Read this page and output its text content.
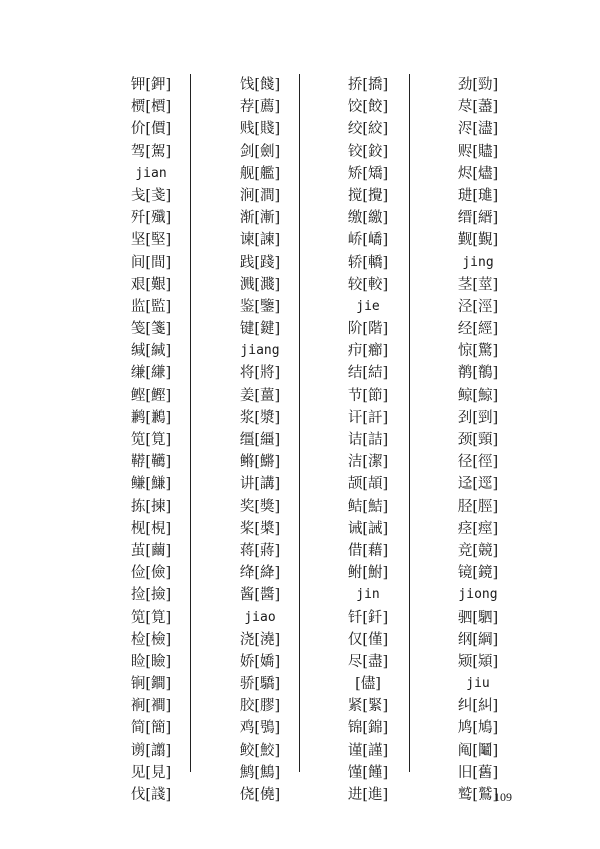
钾[鉀]
槚[檟]
价[價]
驾[駕]
jian
戋[戔]
歼[殲]
坚[堅]
间[間]
艰[艱]
监[監]
笺[箋]
缄[緘]
缣[縑]
鲣[鰹]
鹣[鶼]
笕[筧]
鞯[韉]
鳒[鰜]
拣[揀]
枧[梘]
茧[繭]
俭[儉]
捡[撿]
笕[筧]
检[檢]
睑[瞼]
锏[鐧]
裥[襇]
简[簡]
谫[譾]
见[見]
伐[諓]
饯[餞]
荐[薦]
贱[賤]
剑[劍]
舰[艦]
涧[澗]
渐[漸]
谏[諫]
践[踐]
溅[濺]
鉴[鑒]
键[鍵]
jiang
将[將]
姜[薑]
浆[漿]
缰[繮]
鳉[鱂]
讲[講]
奖[獎]
桨[槳]
蒋[蔣]
绛[絳]
酱[醬]
jiao
浇[澆]
娇[嬌]
骄[驕]
胶[膠]
鸡[鴞]
鲛[鮫]
鹪[鷦]
侥[僥]
挢[撟]
饺[餃]
绞[絞]
铰[鉸]
矫[矯]
搅[攪]
缴[繳]
峤[嶠]
轿[轎]
较[較]
jie
阶[階]
疖[癤]
结[結]
节[節]
讦[訐]
诘[詰]
洁[潔]
颉[頡]
鲒[鮚]
诫[誡]
借[藉]
鲋[鮒]
jin
钎[釺]
仅[僅]
尽[盡]
[儘]
紧[緊]
锦[錦]
谨[謹]
馑[饉]
进[進]
劲[勁]
荩[藎]
浕[濜]
赆[贐]
烬[燼]
琎[璡]
缙[縉]
觐[覲]
jing
茎[莖]
泾[涇]
经[經]
惊[驚]
鹡[鶺]
鲸[鯨]
刭[剄]
颈[頸]
径[徑]
迳[逕]
胫[脛]
痉[痙]
竞[競]
镜[鏡]
jiong
驷[駟]
纲[綱]
颎[熲]
jiu
纠[糾]
鸠[鳩]
阄[鬮]
旧[舊]
鹫[鷲]
109
